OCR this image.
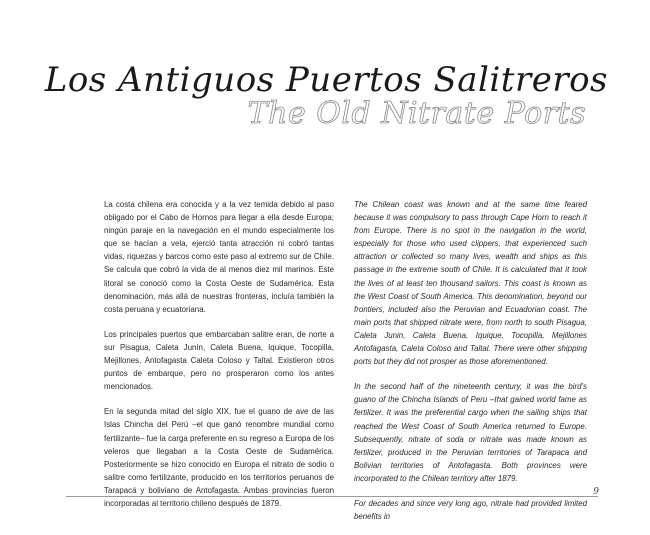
Los Antiguos Puertos Salitreros
The Old Nitrate Ports

La costa chilena era conocida y a la vez temida debido al paso obligado por el Cabo de Hornos para llegar a ella desde Europa; ningún paraje en la navegación en el mundo especialmente los que se hacían a vela, ejerció tanta atracción ni cobró tantas vidas, riquezas y barcos como este paso al extremo sur de Chile. Se calcula que cobró la vida de al menos diez mil marinos. Este litoral se conoció como la Costa Oeste de Sudamérica. Esta denominación, más allá de nuestras fronteras, incluía también la costa peruana y ecuatoriana.

Los principales puertos que embarcaban salitre eran, de norte a sur Pisagua, Caleta Junín, Caleta Buena, Iquique, Tocopilla, Mejillones, Antofagasta Caleta Coloso y Taltal. Existieron otros puntos de embarque, pero no prosperaron como los antes mencionados.

En la segunda mitad del siglo XIX, fue el guano de ave de las Islas Chincha del Perú –el que ganó renombre mundial como fertilizante– fue la carga preferente en su regreso a Europa de los veleros que llegaban a la Costa Oeste de Sudamérica. Posteriormente se hizo conocido en Europa el nitrato de sodio o salitre como fertilizante, producido en los territorios peruanos de Tarapacá y boliviano de Antofagasta. Ambas provincias fueron incorporadas al territorio chileno después de 1879.

The Chilean coast was known and at the same time feared because it was compulsory to pass through Cape Horn to reach it from Europe. There is no spot in the navigation in the world, especially for those who used clippers, that experienced such attraction or collected so many lives, wealth and ships as this passage in the extreme south of Chile. It is calculated that it took the lives of at least ten thousand sailors. This coast is known as the West Coast of South America. This denomination, beyond our frontiers, included also the Peruvian and Ecuadorian coast. The main ports that shipped nitrate were, from north to south Pisagua, Caleta Junin, Caleta Buena, Iquique, Tocopilla, Mejillones Antofagasta, Caleta Coloso and Taltal. There were other shipping ports but they did not prosper as those aforementioned.

In the second half of the nineteenth century, it was the bird's guano of the Chincha Islands of Peru –that gained world fame as fertilizer. It was the preferential cargo when the sailing ships that reached the West Coast of South America returned to Europe. Subsequently, nitrate of soda or nitrate was made known as fertilizer, produced in the Peruvian territories of Tarapaca and Bolivian territories of Antofagasta. Both provinces were incorporated to the Chilean territory after 1879.

For decades and since very long ago, nitrate had provided limited benefits in

9
